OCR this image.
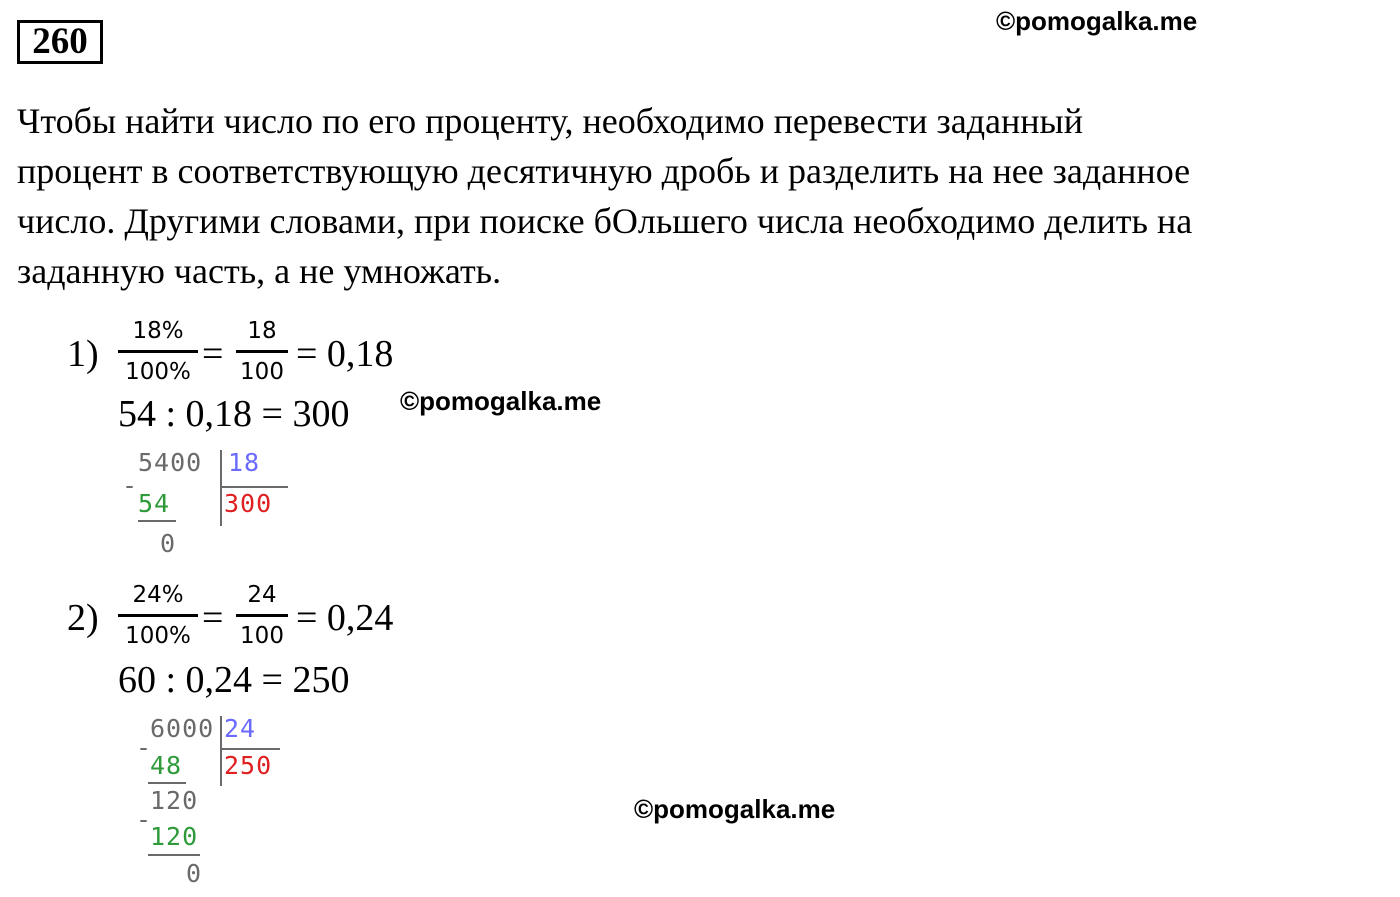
260	©pomogalka.me
©pomogalka.me
©pomogalka.me
Чтобы найти число по его проценту, необходимо перевести заданный
процент в соответствующую десятичную дробь и разделить на нее заданное
число. Другими словами, при поиске бОльшего числа необходимо делить на
заданную часть, а не умножать.
1)
18%
100% =
18
100 = 0,18
54 : 0,18 = 300
5400 18
300
-
54
0
2)
24%
100% =
24
100 = 0,24
60 : 0,24 = 250
6000 24
250
-
48
120
-
120
0
